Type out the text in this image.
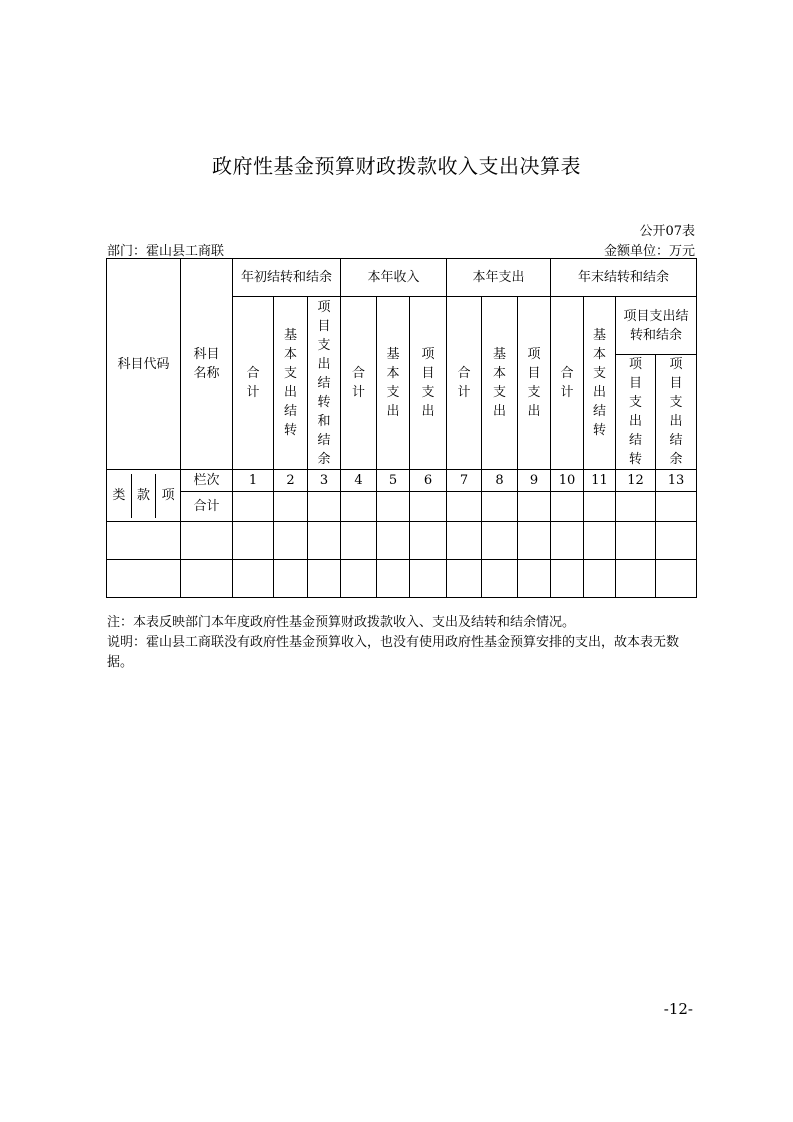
政府性基金预算财政拨款收入支出决算表
公开07表
部门：霍山县工商联	金额单位：万元
科目代码	科目名称	年初结转和结余			本年收入			本年支出			年末结转和结余			
		合计	基本支出结转	项目支出结转和结余	合计	基本支出	项目支出	合计	基本支出	项目支出	合计	基本支出结转	项目支出结转和结余	
													项目支出结转	项目支出结余

类 款 项	栏次	1	2	3	4	5	6	7	8	9	10	11	12	13
	合计													

注：本表反映部门本年度政府性基金预算财政拨款收入、支出及结转和结余情况。
说明：霍山县工商联没有政府性基金预算收入，也没有使用政府性基金预算安排的支出，故本表无数据。
-12-
